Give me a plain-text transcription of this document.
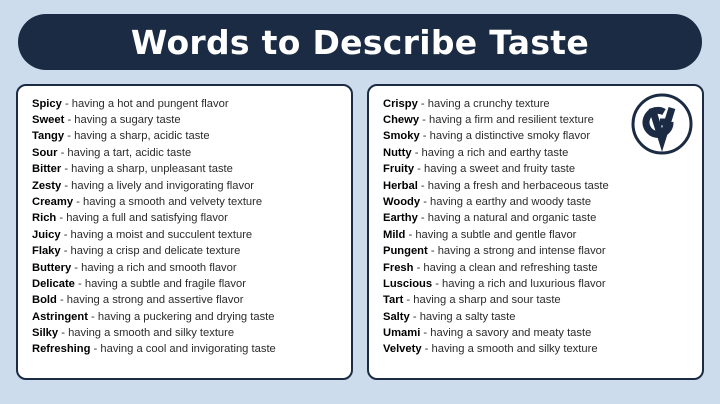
Words to Describe Taste
Spicy - having a hot and pungent flavor
Sweet - having a sugary taste
Tangy - having a sharp, acidic taste
Sour - having a tart, acidic taste
Bitter - having a sharp, unpleasant taste
Zesty - having a lively and invigorating flavor
Creamy - having a smooth and velvety texture
Rich - having a full and satisfying flavor
Juicy - having a moist and succulent texture
Flaky - having a crisp and delicate texture
Buttery - having a rich and smooth flavor
Delicate - having a subtle and fragile flavor
Bold - having a strong and assertive flavor
Astringent - having a puckering and drying taste
Silky - having a smooth and silky texture
Refreshing - having a cool and invigorating taste
Crispy - having a crunchy texture
Chewy - having a firm and resilient texture
Smoky - having a distinctive smoky flavor
Nutty - having a rich and earthy taste
Fruity - having a sweet and fruity taste
Herbal - having a fresh and herbaceous taste
Woody - having a earthy and woody taste
Earthy - having a natural and organic taste
Mild - having a subtle and gentle flavor
Pungent - having a strong and intense flavor
Fresh - having a clean and refreshing taste
Luscious - having a rich and luxurious flavor
Tart - having a sharp and sour taste
Salty - having a salty taste
Umami - having a savory and meaty taste
Velvety - having a smooth and silky texture
